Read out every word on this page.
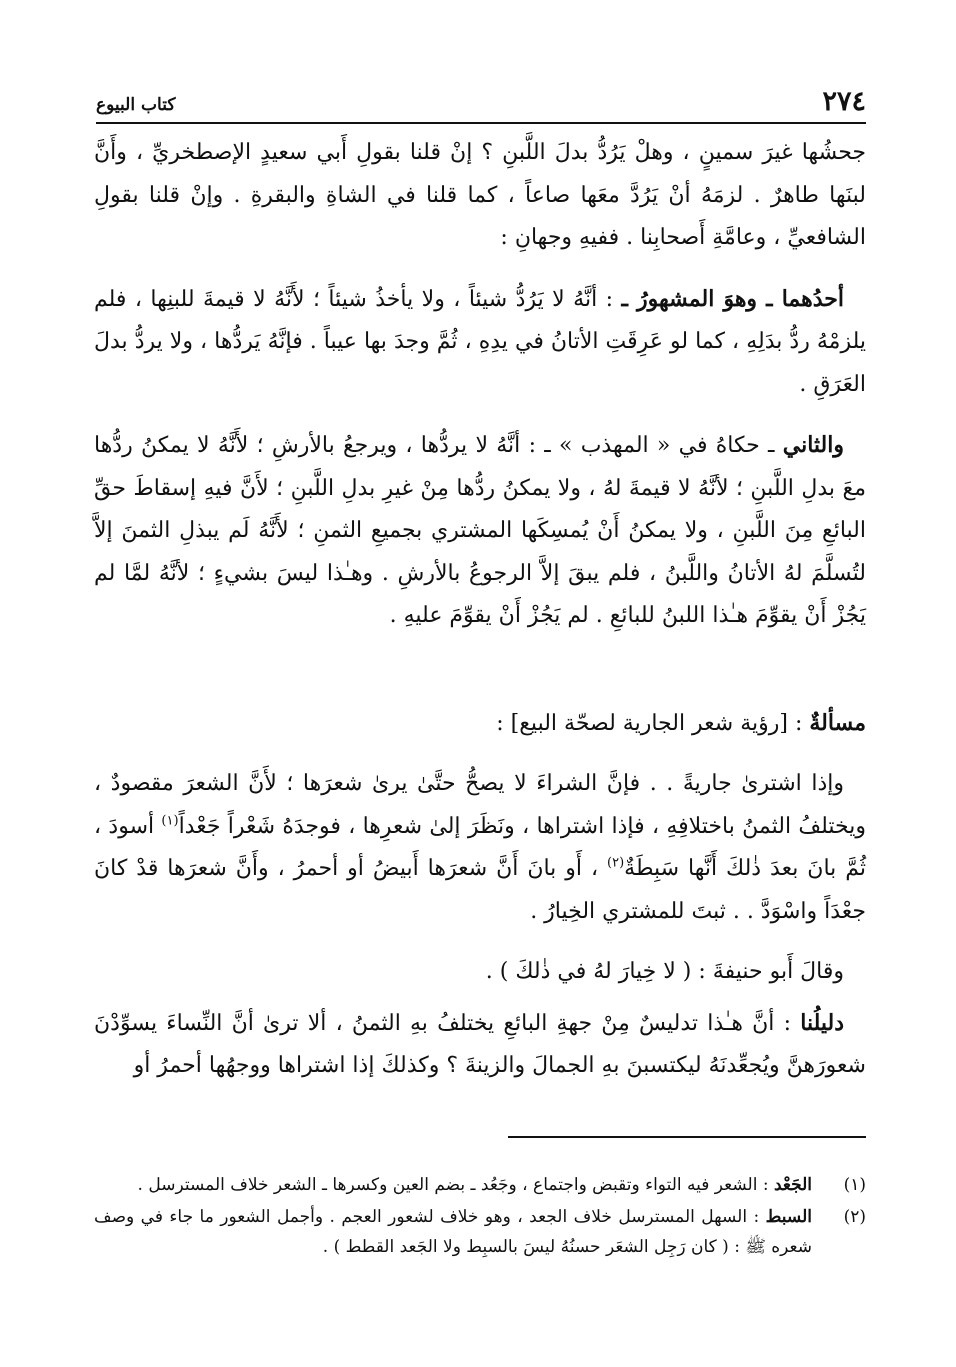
٢٧٤
كتاب البيوع

جحشُها غيرَ سمينٍ ، وهلْ يَرُدُّ بدلَ اللَّبنِ ؟ إنْ قلنا بقولِ أَبي سعيدٍ الإصطخريِّ ، وأَنَّ لبنَها طاهرٌ . لزمَهُ أنْ يَرُدَّ معَها صاعاً ، كما قلنا في الشاةِ والبقرةِ . وإنْ قلنا بقولِ الشافعيِّ ، وعامَّةِ أَصحابِنا . ففيهِ وجهانِ :

أحدُهما ـ وهوَ المشهورُ ـ : أنَّهُ لا يَرُدُّ شيئاً ، ولا يأخذُ شيئاً ؛ لأَنَّهُ لا قيمةَ للبنِها ، فلم يلزمْهُ ردُّ بدَلِهِ ، كما لو عَرِقَتِ الأتانُ في يدِهِ ، ثُمَّ وجدَ بها عيباً . فإنَّهُ يَردُّها ، ولا يردُّ بدلَ العَرَقِ .

والثاني ـ حكاهُ في « المهذب » ـ : أنَّهُ لا يردُّها ، ويرجعُ بالأرشِ ؛ لأَنَّهُ لا يمكنُ ردُّها معَ بدلِ اللَّبنِ ؛ لأنَّهُ لا قيمةَ لهُ ، ولا يمكنُ ردُّها مِنْ غيرِ بدلِ اللَّبنِ ؛ لأَنَّ فيهِ إسقاطَ حقِّ البائعِ مِنَ اللَّبنِ ، ولا يمكنُ أَنْ يُمسِكَها المشتري بجميعِ الثمنِ ؛ لأَنَّهُ لَم يبذلِ الثمنَ إلاَّ لتُسلَّمَ لهُ الأتانُ واللَّبنُ ، فلم يبقَ إلاَّ الرجوعُ بالأرشِ . وهـٰذا ليسَ بشيءٍ ؛ لأنَّهُ لمَّا لم يَجُزْ أَنْ يقوِّمَ هـٰذا اللبنُ للبائعِ . لم يَجُزْ أَنْ يقوِّمَ عليهِ .

مسألةٌ : [رؤية شعر الجارية لصحّة البيع] :

وإذا اشترىٰ جاريةً . . فإنَّ الشراءَ لا يصحُّ حتَّىٰ يرىٰ شعرَها ؛ لأَنَّ الشعرَ مقصودٌ ، ويختلفُ الثمنُ باختلافِهِ ، فإذا اشتراها ، ونَظَرَ إلىٰ شعرِها ، فوجدَهُ شَعْراً جَعْداً$^{(١)}$ أسودَ ، ثُمَّ بانَ بعدَ ذٰلكَ أَنَّها سَبِطَةٌ$^{(٢)}$ ، أَو بانَ أَنَّ شعرَها أَبيضُ أو أحمرُ ، وأَنَّ شعرَها قدْ كانَ جعْدَاً واسْوَدَّ . . ثبتَ للمشتري الخِيارُ .

وقالَ أَبو حنيفةَ : ( لا خِيارَ لهُ في ذٰلكَ ) .

دليلُنا : أنَّ هـٰذا تدليسٌ مِنْ جهةِ البائعِ يختلفُ بهِ الثمنُ ، ألا ترىٰ أنَّ النِّساءَ يسوِّدْنَ شعورَهنَّ ويُجعِّدنَهُ ليكتسبنَ بهِ الجمالَ والزينةَ ؟ وكذلكَ إذا اشتراها ووجهُها أحمرُ أو

(١)
الجَعْد : الشعر فيه التواء وتقبض واجتماع ، وجَعُد ـ بضم العين وكسرها ـ الشعر خلاف المسترسل .
(٢)
السبط : السهل المسترسل خلاف الجعد ، وهو خلاف لشعور العجم . وأجمل الشعور ما جاء في وصف شعره ﷺ : ( كان رَجِل الشعَر حسنُهُ ليسَ بالسبِط ولا الجَعد القطط ) .
